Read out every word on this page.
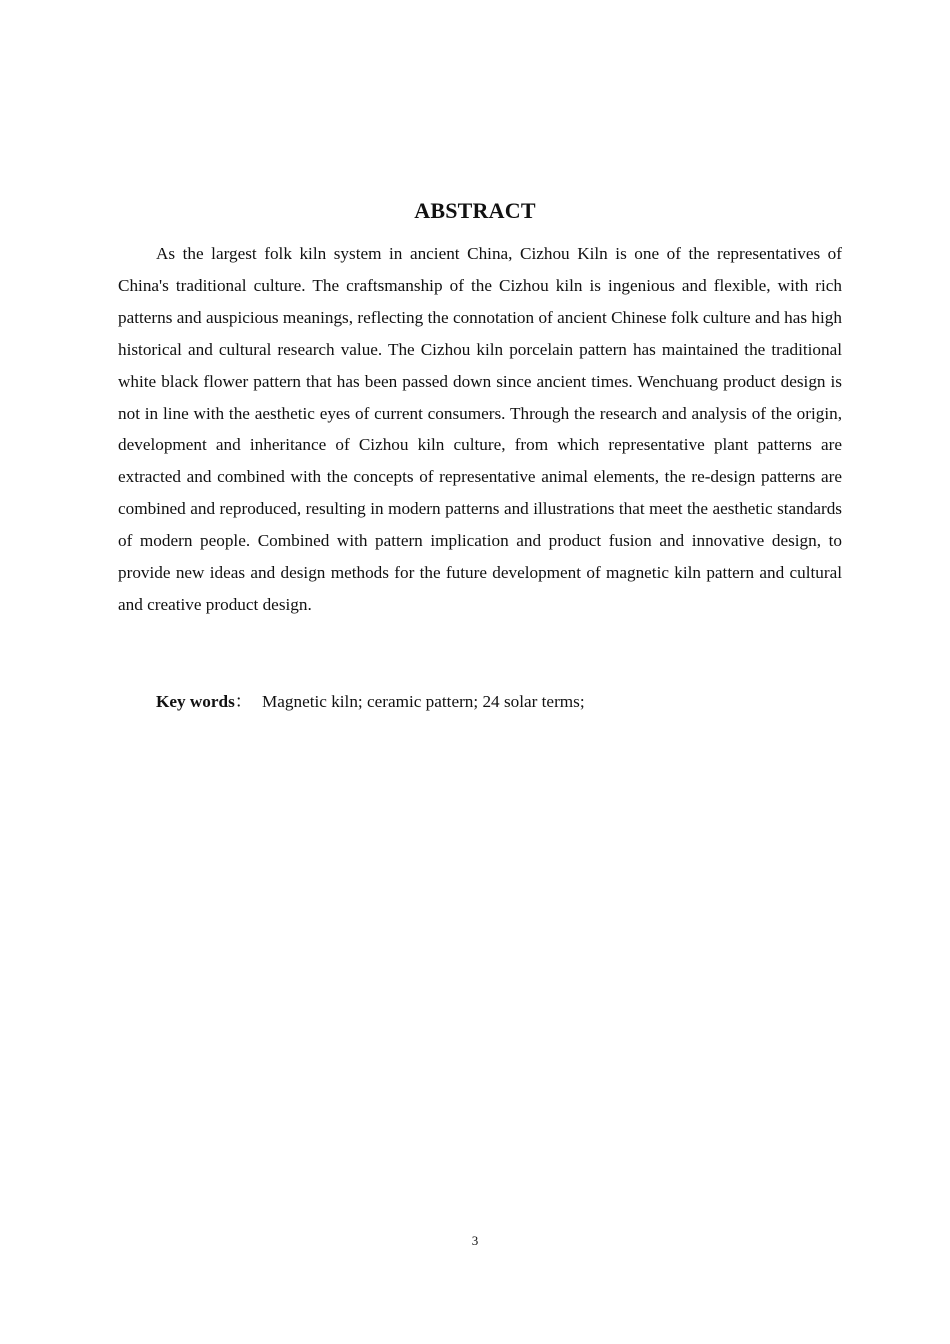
ABSTRACT

As the largest folk kiln system in ancient China, Cizhou Kiln is one of the representatives of China's traditional culture. The craftsmanship of the Cizhou kiln is ingenious and flexible, with rich patterns and auspicious meanings, reflecting the connotation of ancient Chinese folk culture and has high historical and cultural research value. The Cizhou kiln porcelain pattern has maintained the traditional white black flower pattern that has been passed down since ancient times. Wenchuang product design is not in line with the aesthetic eyes of current consumers. Through the research and analysis of the origin, development and inheritance of Cizhou kiln culture, from which representative plant patterns are extracted and combined with the concepts of representative animal elements, the re-design patterns are combined and reproduced, resulting in modern patterns and illustrations that meet the aesthetic standards of modern people. Combined with pattern implication and product fusion and innovative design, to provide new ideas and design methods for the future development of magnetic kiln pattern and cultural and creative product design.

Key words： Magnetic kiln; ceramic pattern; 24 solar terms;

3
